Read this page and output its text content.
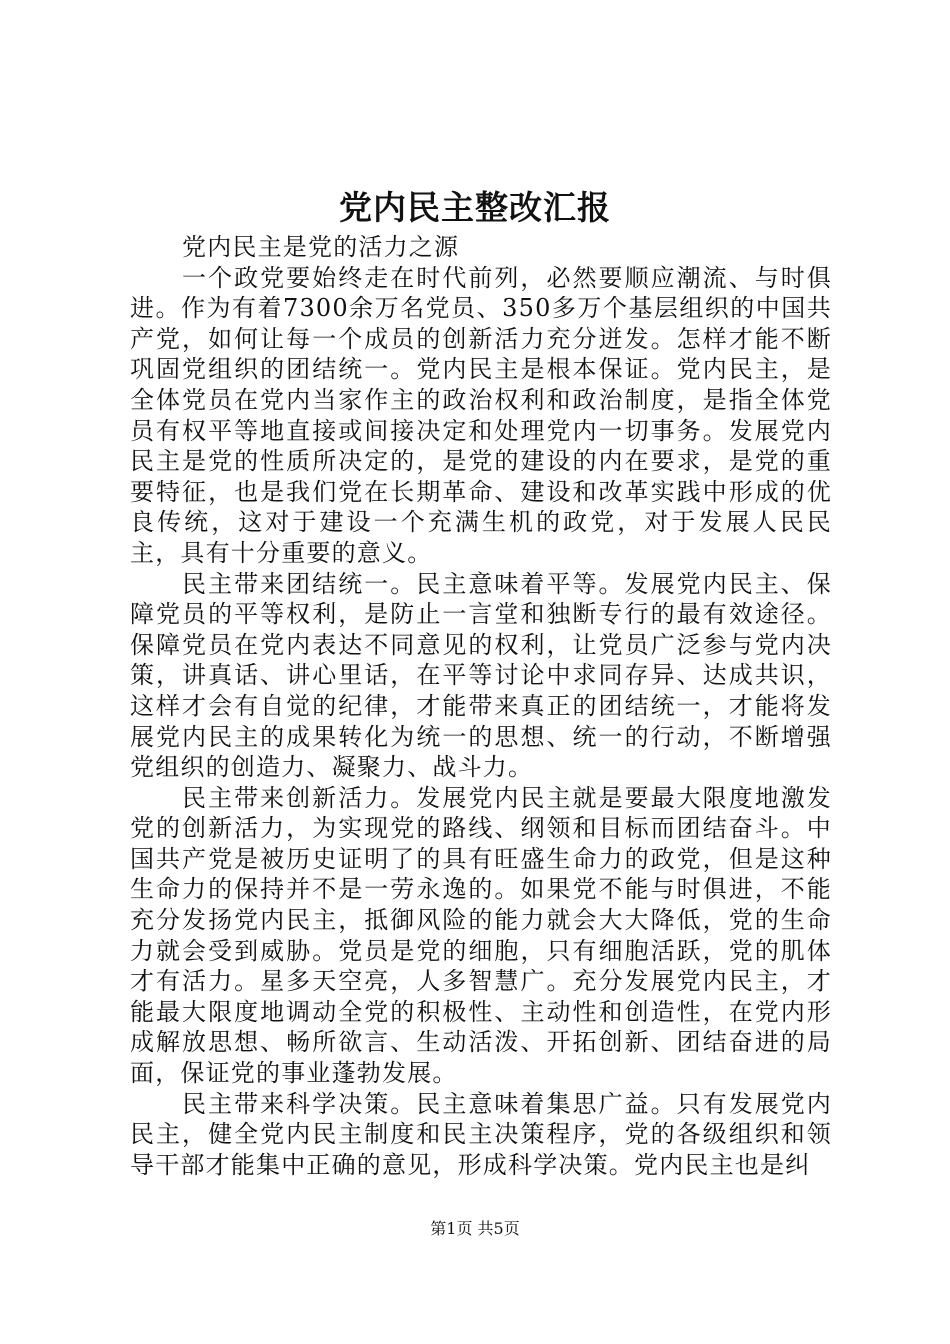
党内民主整改汇报

党内民主是党的活力之源

一个政党要始终走在时代前列，必然要顺应潮流、与时俱进。作为有着7300余万名党员、350多万个基层组织的中国共产党，如何让每一个成员的创新活力充分迸发。怎样才能不断巩固党组织的团结统一。党内民主是根本保证。党内民主，是全体党员在党内当家作主的政治权利和政治制度，是指全体党员有权平等地直接或间接决定和处理党内一切事务。发展党内民主是党的性质所决定的，是党的建设的内在要求，是党的重要特征，也是我们党在长期革命、建设和改革实践中形成的优良传统，这对于建设一个充满生机的政党，对于发展人民民主，具有十分重要的意义。

民主带来团结统一。民主意味着平等。发展党内民主、保障党员的平等权利，是防止一言堂和独断专行的最有效途径。保障党员在党内表达不同意见的权利，让党员广泛参与党内决策，讲真话、讲心里话，在平等讨论中求同存异、达成共识，这样才会有自觉的纪律，才能带来真正的团结统一，才能将发展党内民主的成果转化为统一的思想、统一的行动，不断增强党组织的创造力、凝聚力、战斗力。

民主带来创新活力。发展党内民主就是要最大限度地激发党的创新活力，为实现党的路线、纲领和目标而团结奋斗。中国共产党是被历史证明了的具有旺盛生命力的政党，但是这种生命力的保持并不是一劳永逸的。如果党不能与时俱进，不能充分发扬党内民主，抵御风险的能力就会大大降低，党的生命力就会受到威胁。党员是党的细胞，只有细胞活跃，党的肌体才有活力。星多天空亮，人多智慧广。充分发展党内民主，才能最大限度地调动全党的积极性、主动性和创造性，在党内形成解放思想、畅所欲言、生动活泼、开拓创新、团结奋进的局面，保证党的事业蓬勃发展。

民主带来科学决策。民主意味着集思广益。只有发展党内民主，健全党内民主制度和民主决策程序，党的各级组织和领导干部才能集中正确的意见，形成科学决策。党内民主也是纠

第1页 共5页
